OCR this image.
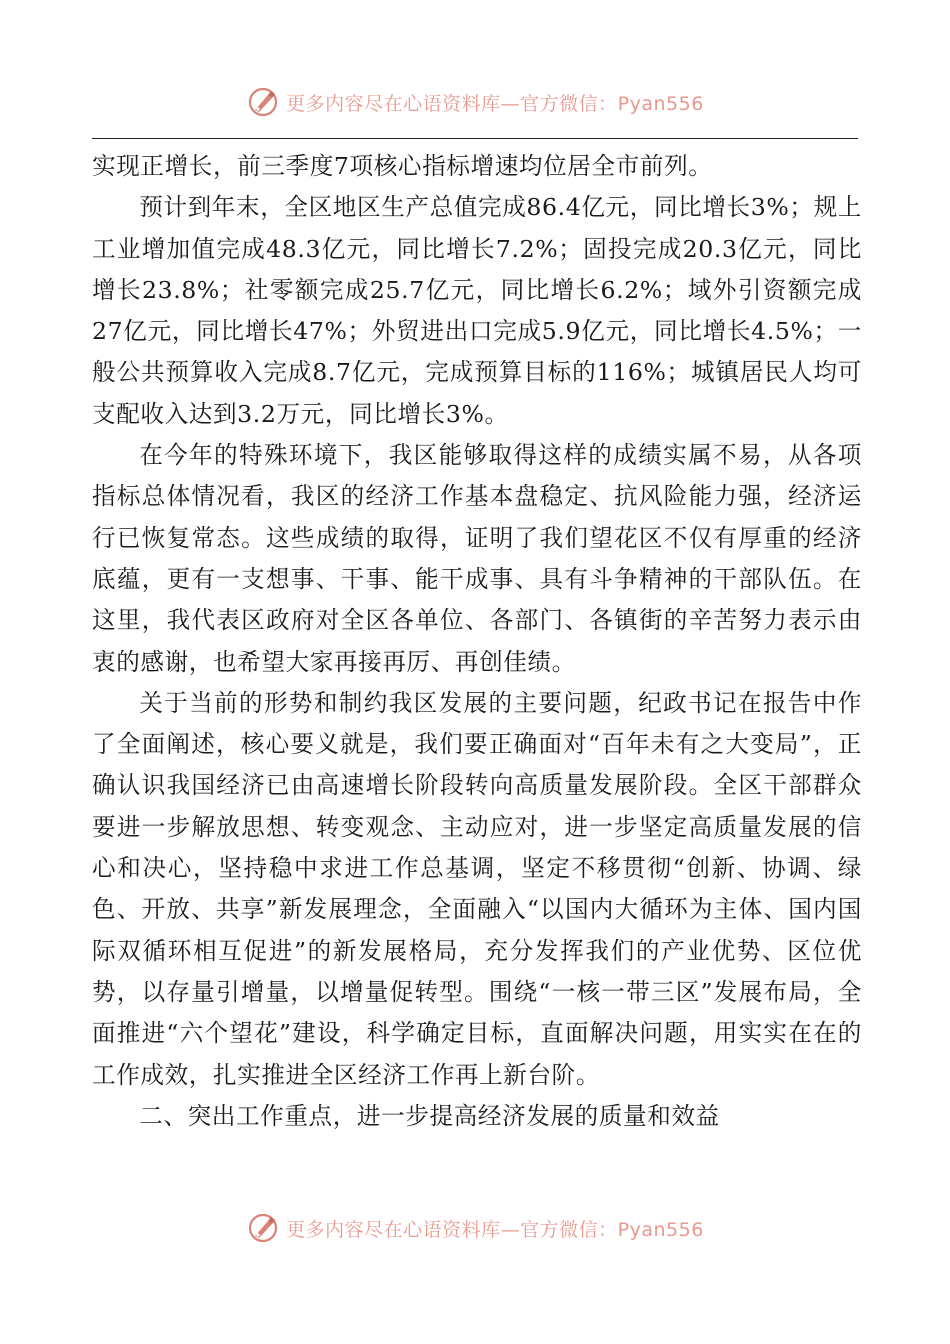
更多内容尽在心语资料库—官方微信：Pyan556

实现正增长，前三季度7项核心指标增速均位居全市前列。

预计到年末，全区地区生产总值完成86.4亿元，同比增长3%；规上工业增加值完成48.3亿元，同比增长7.2%；固投完成20.3亿元，同比增长23.8%；社零额完成25.7亿元，同比增长6.2%；域外引资额完成27亿元，同比增长47%；外贸进出口完成5.9亿元，同比增长4.5%；一般公共预算收入完成8.7亿元，完成预算目标的116%；城镇居民人均可支配收入达到3.2万元，同比增长3%。

在今年的特殊环境下，我区能够取得这样的成绩实属不易，从各项指标总体情况看，我区的经济工作基本盘稳定、抗风险能力强，经济运行已恢复常态。这些成绩的取得，证明了我们望花区不仅有厚重的经济底蕴，更有一支想事、干事、能干成事、具有斗争精神的干部队伍。在这里，我代表区政府对全区各单位、各部门、各镇街的辛苦努力表示由衷的感谢，也希望大家再接再厉、再创佳绩。

关于当前的形势和制约我区发展的主要问题，纪政书记在报告中作了全面阐述，核心要义就是，我们要正确面对“百年未有之大变局”，正确认识我国经济已由高速增长阶段转向高质量发展阶段。全区干部群众要进一步解放思想、转变观念、主动应对，进一步坚定高质量发展的信心和决心，坚持稳中求进工作总基调，坚定不移贯彻“创新、协调、绿色、开放、共享”新发展理念，全面融入“以国内大循环为主体、国内国际双循环相互促进”的新发展格局，充分发挥我们的产业优势、区位优势，以存量引增量，以增量促转型。围绕“一核一带三区”发展布局，全面推进“六个望花”建设，科学确定目标，直面解决问题，用实实在在的工作成效，扎实推进全区经济工作再上新台阶。

二、突出工作重点，进一步提高经济发展的质量和效益

更多内容尽在心语资料库—官方微信：Pyan556
